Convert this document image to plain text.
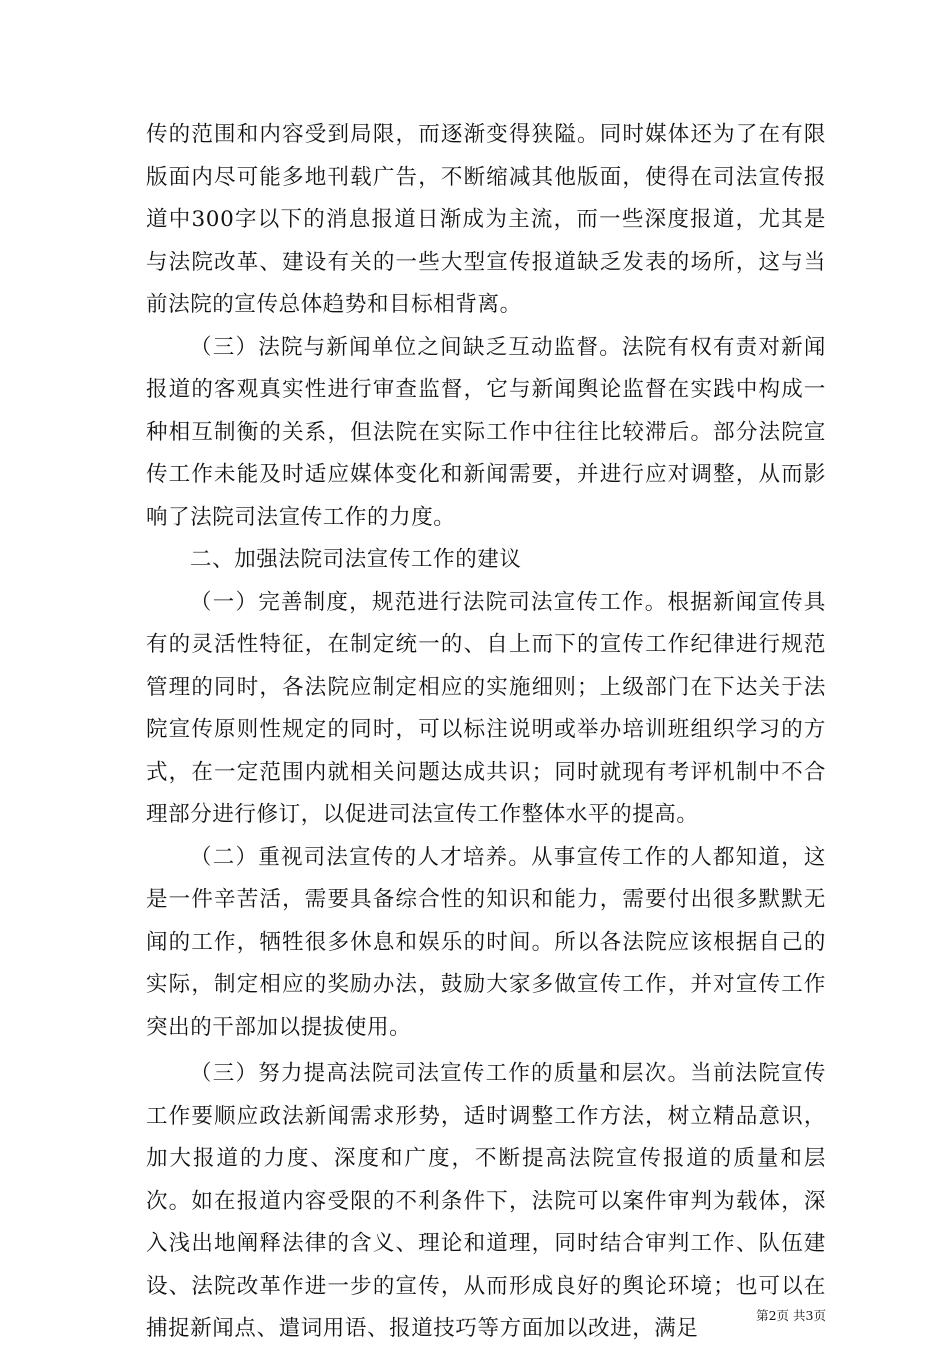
传的范围和内容受到局限，而逐渐变得狭隘。同时媒体还为了在有限版面内尽可能多地刊载广告，不断缩减其他版面，使得在司法宣传报道中300字以下的消息报道日渐成为主流，而一些深度报道，尤其是与法院改革、建设有关的一些大型宣传报道缺乏发表的场所，这与当前法院的宣传总体趋势和目标相背离。

（三）法院与新闻单位之间缺乏互动监督。法院有权有责对新闻报道的客观真实性进行审查监督，它与新闻舆论监督在实践中构成一种相互制衡的关系，但法院在实际工作中往往比较滞后。部分法院宣传工作未能及时适应媒体变化和新闻需要，并进行应对调整，从而影响了法院司法宣传工作的力度。

二、加强法院司法宣传工作的建议

（一）完善制度，规范进行法院司法宣传工作。根据新闻宣传具有的灵活性特征，在制定统一的、自上而下的宣传工作纪律进行规范管理的同时，各法院应制定相应的实施细则；上级部门在下达关于法院宣传原则性规定的同时，可以标注说明或举办培训班组织学习的方式，在一定范围内就相关问题达成共识；同时就现有考评机制中不合理部分进行修订，以促进司法宣传工作整体水平的提高。

（二）重视司法宣传的人才培养。从事宣传工作的人都知道，这是一件辛苦活，需要具备综合性的知识和能力，需要付出很多默默无闻的工作，牺牲很多休息和娱乐的时间。所以各法院应该根据自己的实际，制定相应的奖励办法，鼓励大家多做宣传工作，并对宣传工作突出的干部加以提拔使用。

（三）努力提高法院司法宣传工作的质量和层次。当前法院宣传工作要顺应政法新闻需求形势，适时调整工作方法，树立精品意识，加大报道的力度、深度和广度，不断提高法院宣传报道的质量和层次。如在报道内容受限的不利条件下，法院可以案件审判为载体，深入浅出地阐释法律的含义、理论和道理，同时结合审判工作、队伍建设、法院改革作进一步的宣传，从而形成良好的舆论环境；也可以在捕捉新闻点、遣词用语、报道技巧等方面加以改进，满足

第2页 共3页
